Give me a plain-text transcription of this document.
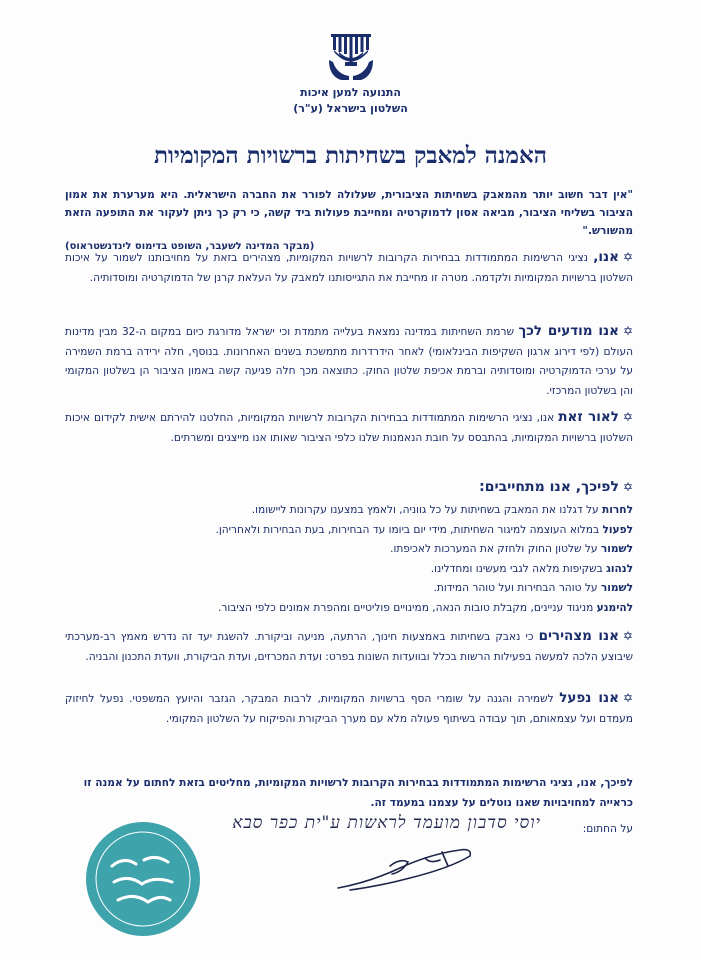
התנועה למען איכות
השלטון בישראל (ע"ר)
האמנה למאבק בשחיתות ברשויות המקומיות
"אין דבר חשוב יותר מהמאבק בשחיתות הציבורית, שעלולה לפורר את החברה הישראלית. היא מערערת את אמון הציבור בשליחי הציבור, מביאה אסון לדמוקרטיה ומחייבת פעולות ביד קשה, כי רק כך ניתן לעקור את התופעה הזאת מהשורש."
(מבקר המדינה לשעבר, השופט בדימוס לינדנשטראוס)
✡אנו, נציגי הרשימות המתמודדות בבחירות הקרובות לרשויות המקומיות, מצהירים בזאת על מחויבותנו לשמור על איכות השלטון ברשויות המקומיות ולקדמה. מטרה זו מחייבת את התגייסותנו למאבק על העלאת קרנן של הדמוקרטיה ומוסדותיה.
✡אנו מודעים לכך שרמת השחיתות במדינה נמצאת בעלייה מתמדת וכי ישראל מדורגת כיום במקום ה-32 מבין מדינות העולם (לפי דירוג ארגון השקיפות הבינלאומי) לאחר הידרדרות מתמשכת בשנים האחרונות. בנוסף, חלה ירידה ברמת השמירה על ערכי הדמוקרטיה ומוסדותיה וברמת אכיפת שלטון החוק. כתוצאה מכך חלה פגיעה קשה באמון הציבור הן בשלטון המקומי והן בשלטון המרכזי.
✡לאור זאת אנו, נציגי הרשימות המתמודדות בבחירות הקרובות לרשויות המקומיות, החלטנו להירתם אישית לקידום איכות השלטון ברשויות המקומיות, בהתבסס על חובת הנאמנות שלנו כלפי הציבור שאותו אנו מייצגים ומשרתים.
✡לפיכך, אנו מתחייבים:
לחרות על דגלנו את המאבק בשחיתות על כל גווניה, ולאמץ במצענו עקרונות ליישומו.
לפעול במלוא העוצמה למיגור השחיתות, מידי יום ביומו עד הבחירות, בעת הבחירות ולאחריהן.
לשמור על שלטון החוק ולחזק את המערכות לאכיפתו.
לנהוג בשקיפות מלאה לגבי מעשינו ומחדלינו.
לשמור על טוהר הבחירות ועל טוהר המידות.
להימנע מניגוד עניינים, מקבלת טובות הנאה, ממינויים פוליטיים ומהפרת אמונים כלפי הציבור.
✡אנו מצהירים כי נאבק בשחיתות באמצעות חינוך, הרתעה, מניעה וביקורת. להשגת יעד זה נדרש מאמץ רב-מערכתי שיבוצע הלכה למעשה בפעילות הרשות בכלל ובוועדות השונות בפרט: ועדת המכרזים, ועדת הביקורת, וועדת התכנון והבניה.
✡אנו נפעל לשמירה והגנה על שומרי הסף ברשויות המקומיות, לרבות המבקר, הגזבר והיועץ המשפטי. נפעל לחיזוק מעמדם ועל עצמאותם, תוך עבודה בשיתוף פעולה מלא עם מערך הביקורת והפיקוח על השלטון המקומי.
לפיכך, אנו, נציגי הרשימות המתמודדות בבחירות הקרובות לרשויות המקומיות, מחליטים בזאת לחתום על אמנה זו כראייה למחויבויות שאנו נוטלים על עצמנו במעמד זה.
על החתום:
יוסי סדבון מועמד לראשות ע"ית כפר סבא
